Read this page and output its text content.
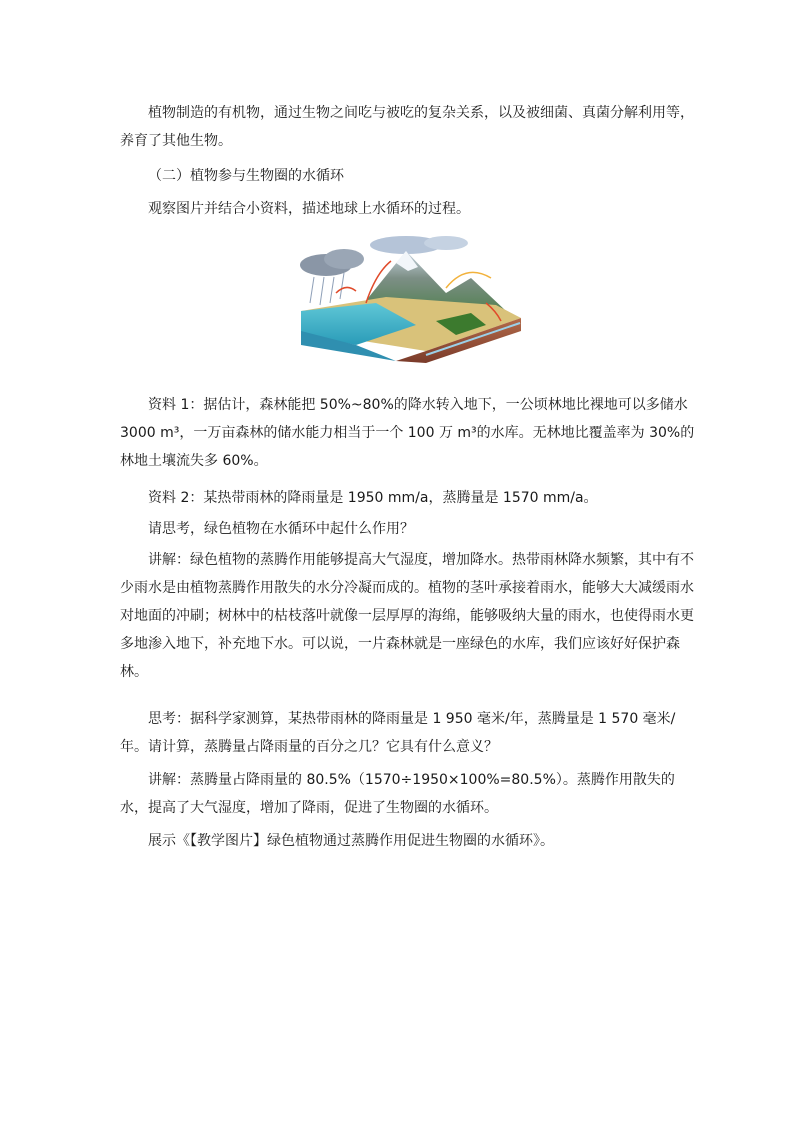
植物制造的有机物，通过生物之间吃与被吃的复杂关系，以及被细菌、真菌分解利用等，养育了其他生物。

（二）植物参与生物圈的水循环

观察图片并结合小资料，描述地球上水循环的过程。

资料 1：据估计，森林能把 50%~80%的降水转入地下，一公顷林地比裸地可以多储水 3000 m³，一万亩森林的储水能力相当于一个 100 万 m³的水库。无林地比覆盖率为 30%的林地土壤流失多 60%。

资料 2：某热带雨林的降雨量是 1950 mm/a，蒸腾量是 1570 mm/a。

请思考，绿色植物在水循环中起什么作用？

讲解：绿色植物的蒸腾作用能够提高大气湿度，增加降水。热带雨林降水频繁，其中有不少雨水是由植物蒸腾作用散失的水分冷凝而成的。植物的茎叶承接着雨水，能够大大减缓雨水对地面的冲刷；树林中的枯枝落叶就像一层厚厚的海绵，能够吸纳大量的雨水，也使得雨水更多地渗入地下，补充地下水。可以说，一片森林就是一座绿色的水库，我们应该好好保护森林。

思考：据科学家测算，某热带雨林的降雨量是 1 950 毫米/年，蒸腾量是 1 570 毫米/年。请计算，蒸腾量占降雨量的百分之几？它具有什么意义？

讲解：蒸腾量占降雨量的 80.5%（1570÷1950×100%=80.5%）。蒸腾作用散失的水，提高了大气湿度，增加了降雨，促进了生物圈的水循环。

展示《【教学图片】绿色植物通过蒸腾作用促进生物圈的水循环》。
